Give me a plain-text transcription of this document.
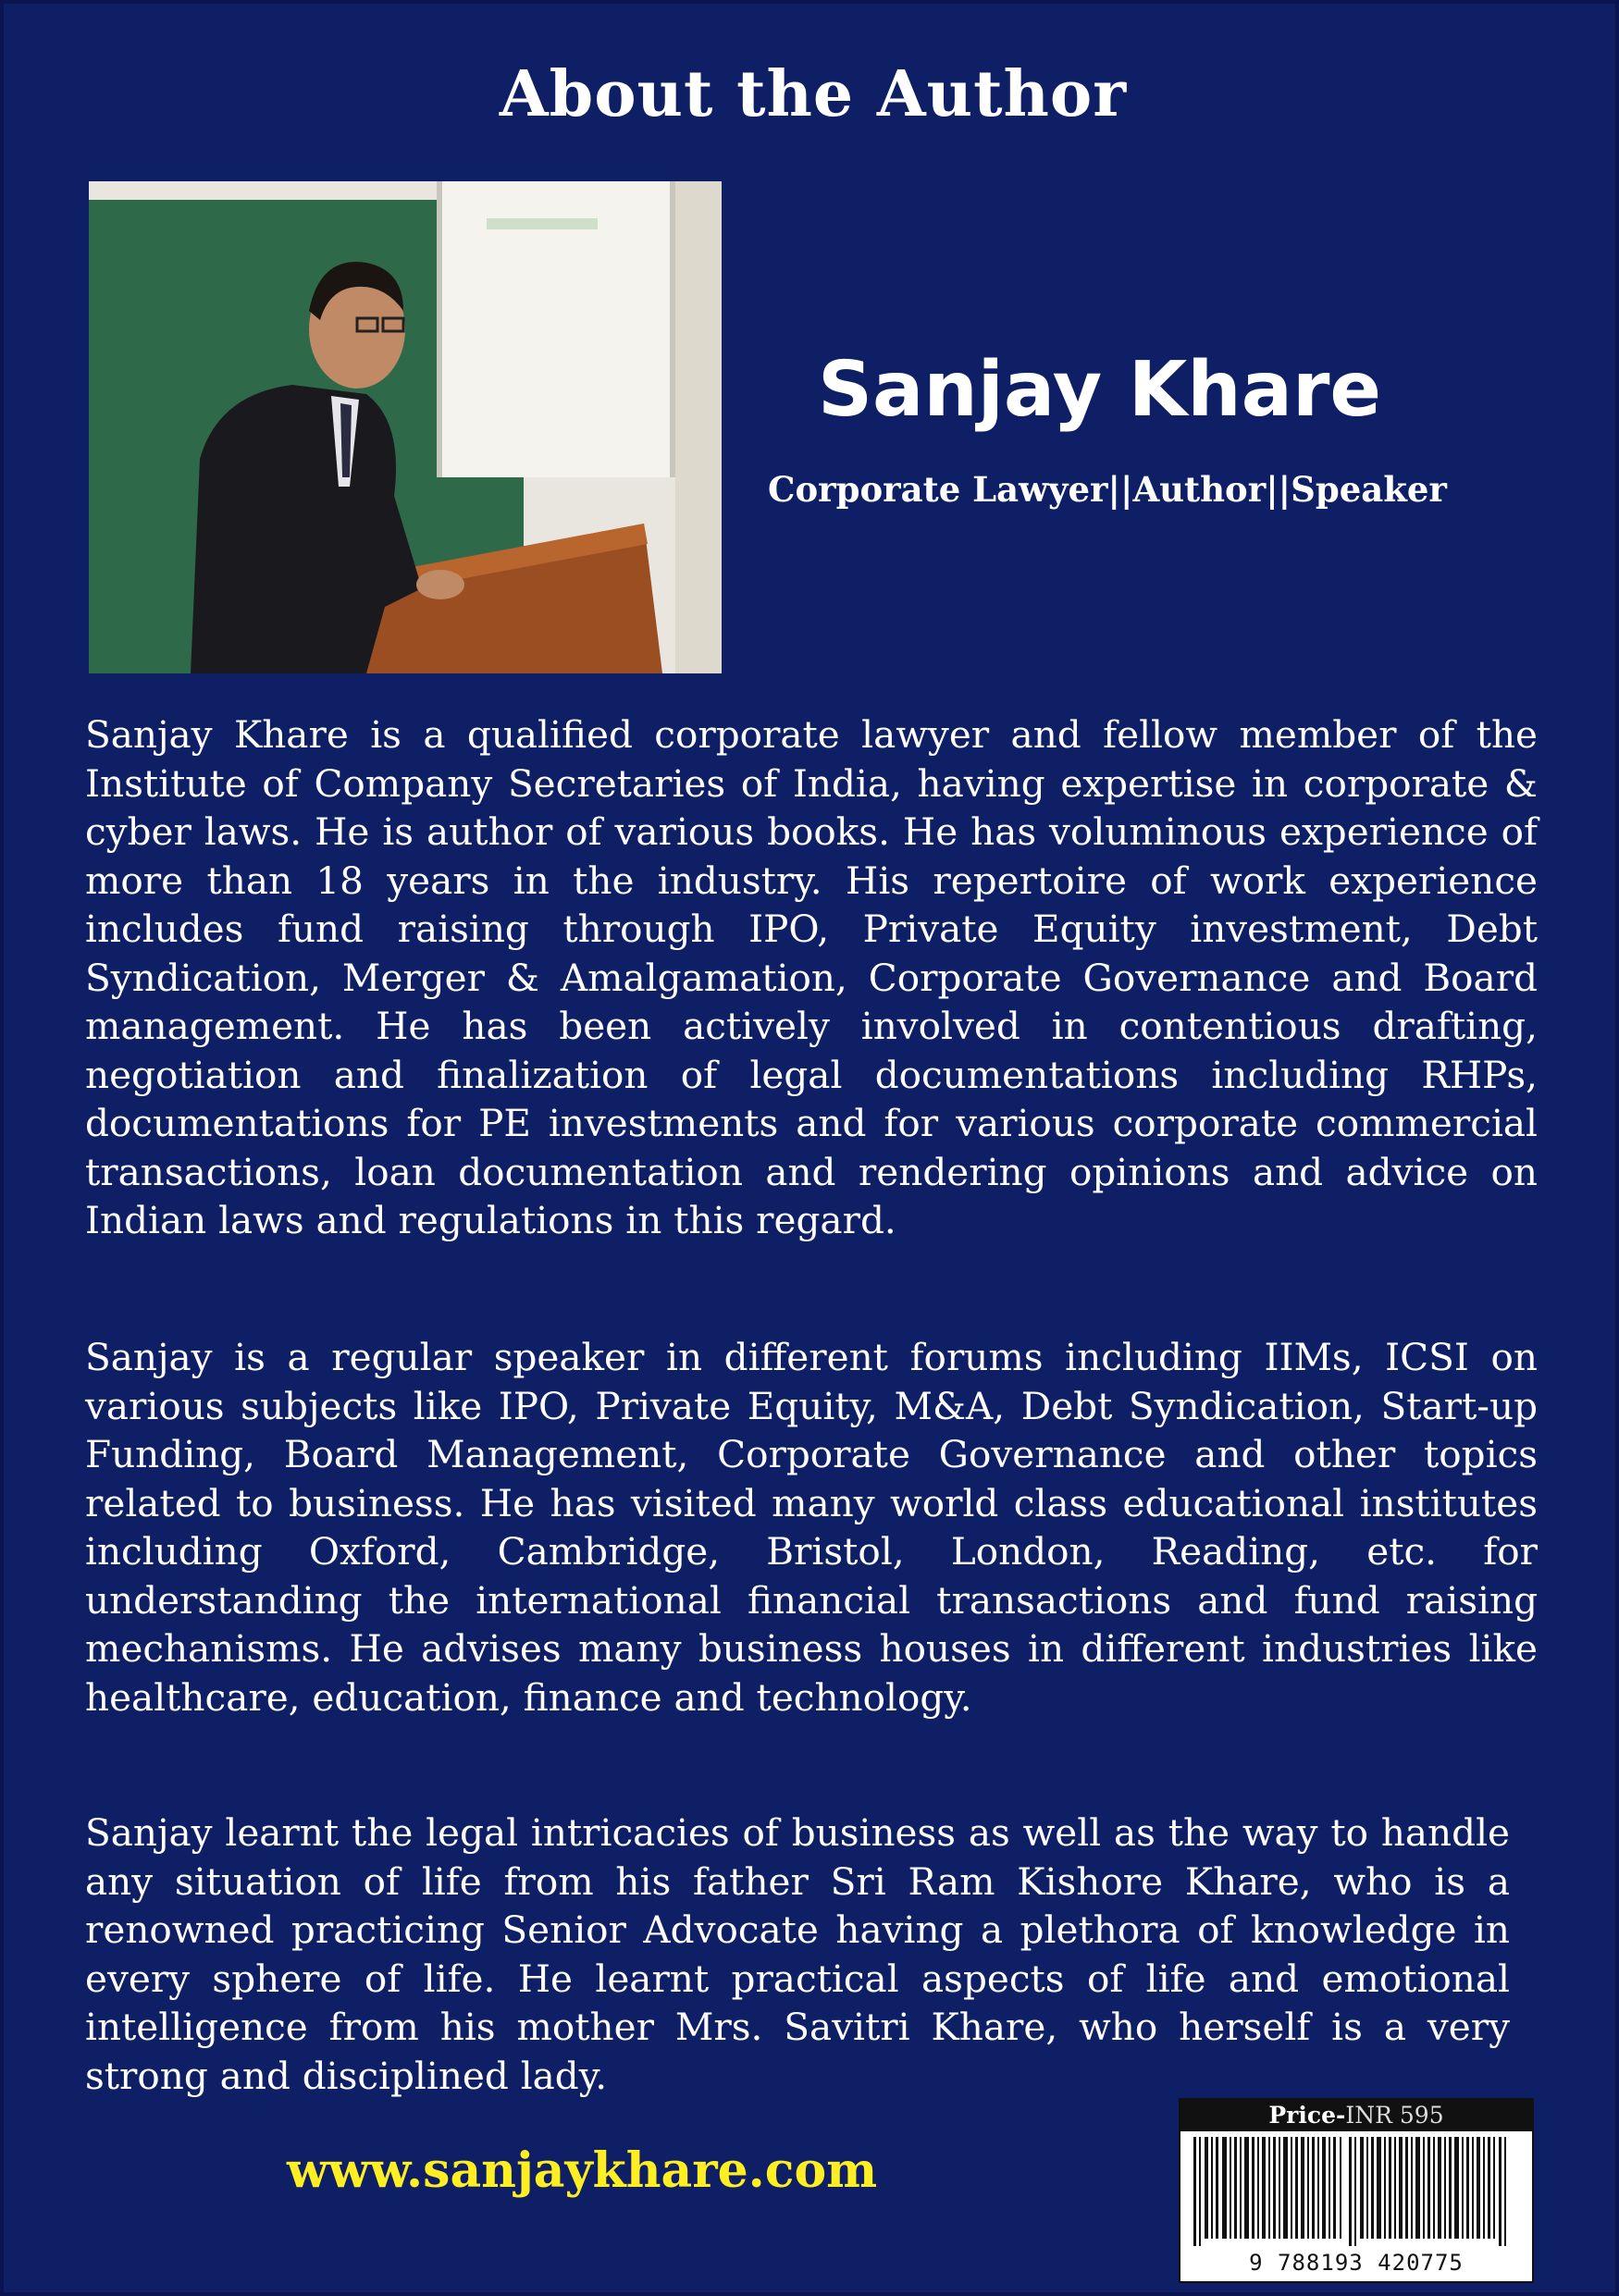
About the Author
Sanjay Khare
Corporate Lawyer||Author||Speaker

Sanjay Khare is a qualified corporate lawyer and fellow member of the Institute of Company Secretaries of India, having expertise in corporate & cyber laws. He is author of various books. He has voluminous experience of more than 18 years in the industry. His repertoire of work experience includes fund raising through IPO, Private Equity investment, Debt Syndication, Merger & Amalgamation, Corporate Governance and Board management. He has been actively involved in contentious drafting, negotiation and finalization of legal documentations including RHPs, documentations for PE investments and for various corporate commercial transactions, loan documentation and rendering opinions and advice on Indian laws and regulations in this regard.

Sanjay is a regular speaker in different forums including IIMs, ICSI on various subjects like IPO, Private Equity, M&A, Debt Syndication, Start-up Funding, Board Management, Corporate Governance and other topics related to business. He has visited many world class educational institutes including Oxford, Cambridge, Bristol, London, Reading, etc. for understanding the international financial transactions and fund raising mechanisms. He advises many business houses in different industries like healthcare, education, finance and technology.

Sanjay learnt the legal intricacies of business as well as the way to handle any situation of life from his father Sri Ram Kishore Khare, who is a renowned practicing Senior Advocate having a plethora of knowledge in every sphere of life. He learnt practical aspects of life and emotional intelligence from his mother Mrs. Savitri Khare, who herself is a very strong and disciplined lady.

www.sanjaykhare.com
Price-INR 595
9 788193 420775
